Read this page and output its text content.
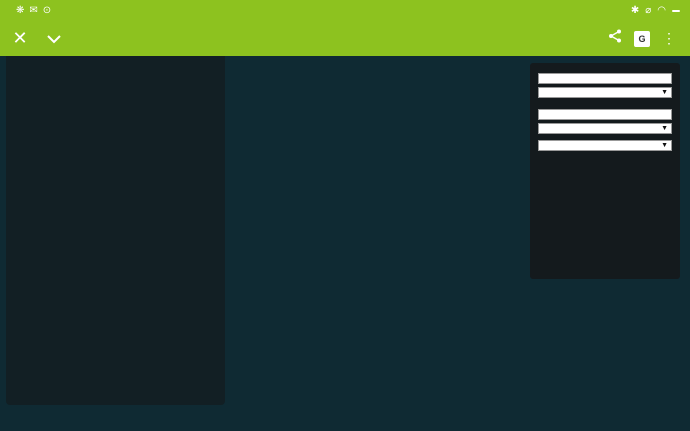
❋ ✉ ⊙	✱ ⌀ ◠
✕	G	⋮
▼
▼
▼
